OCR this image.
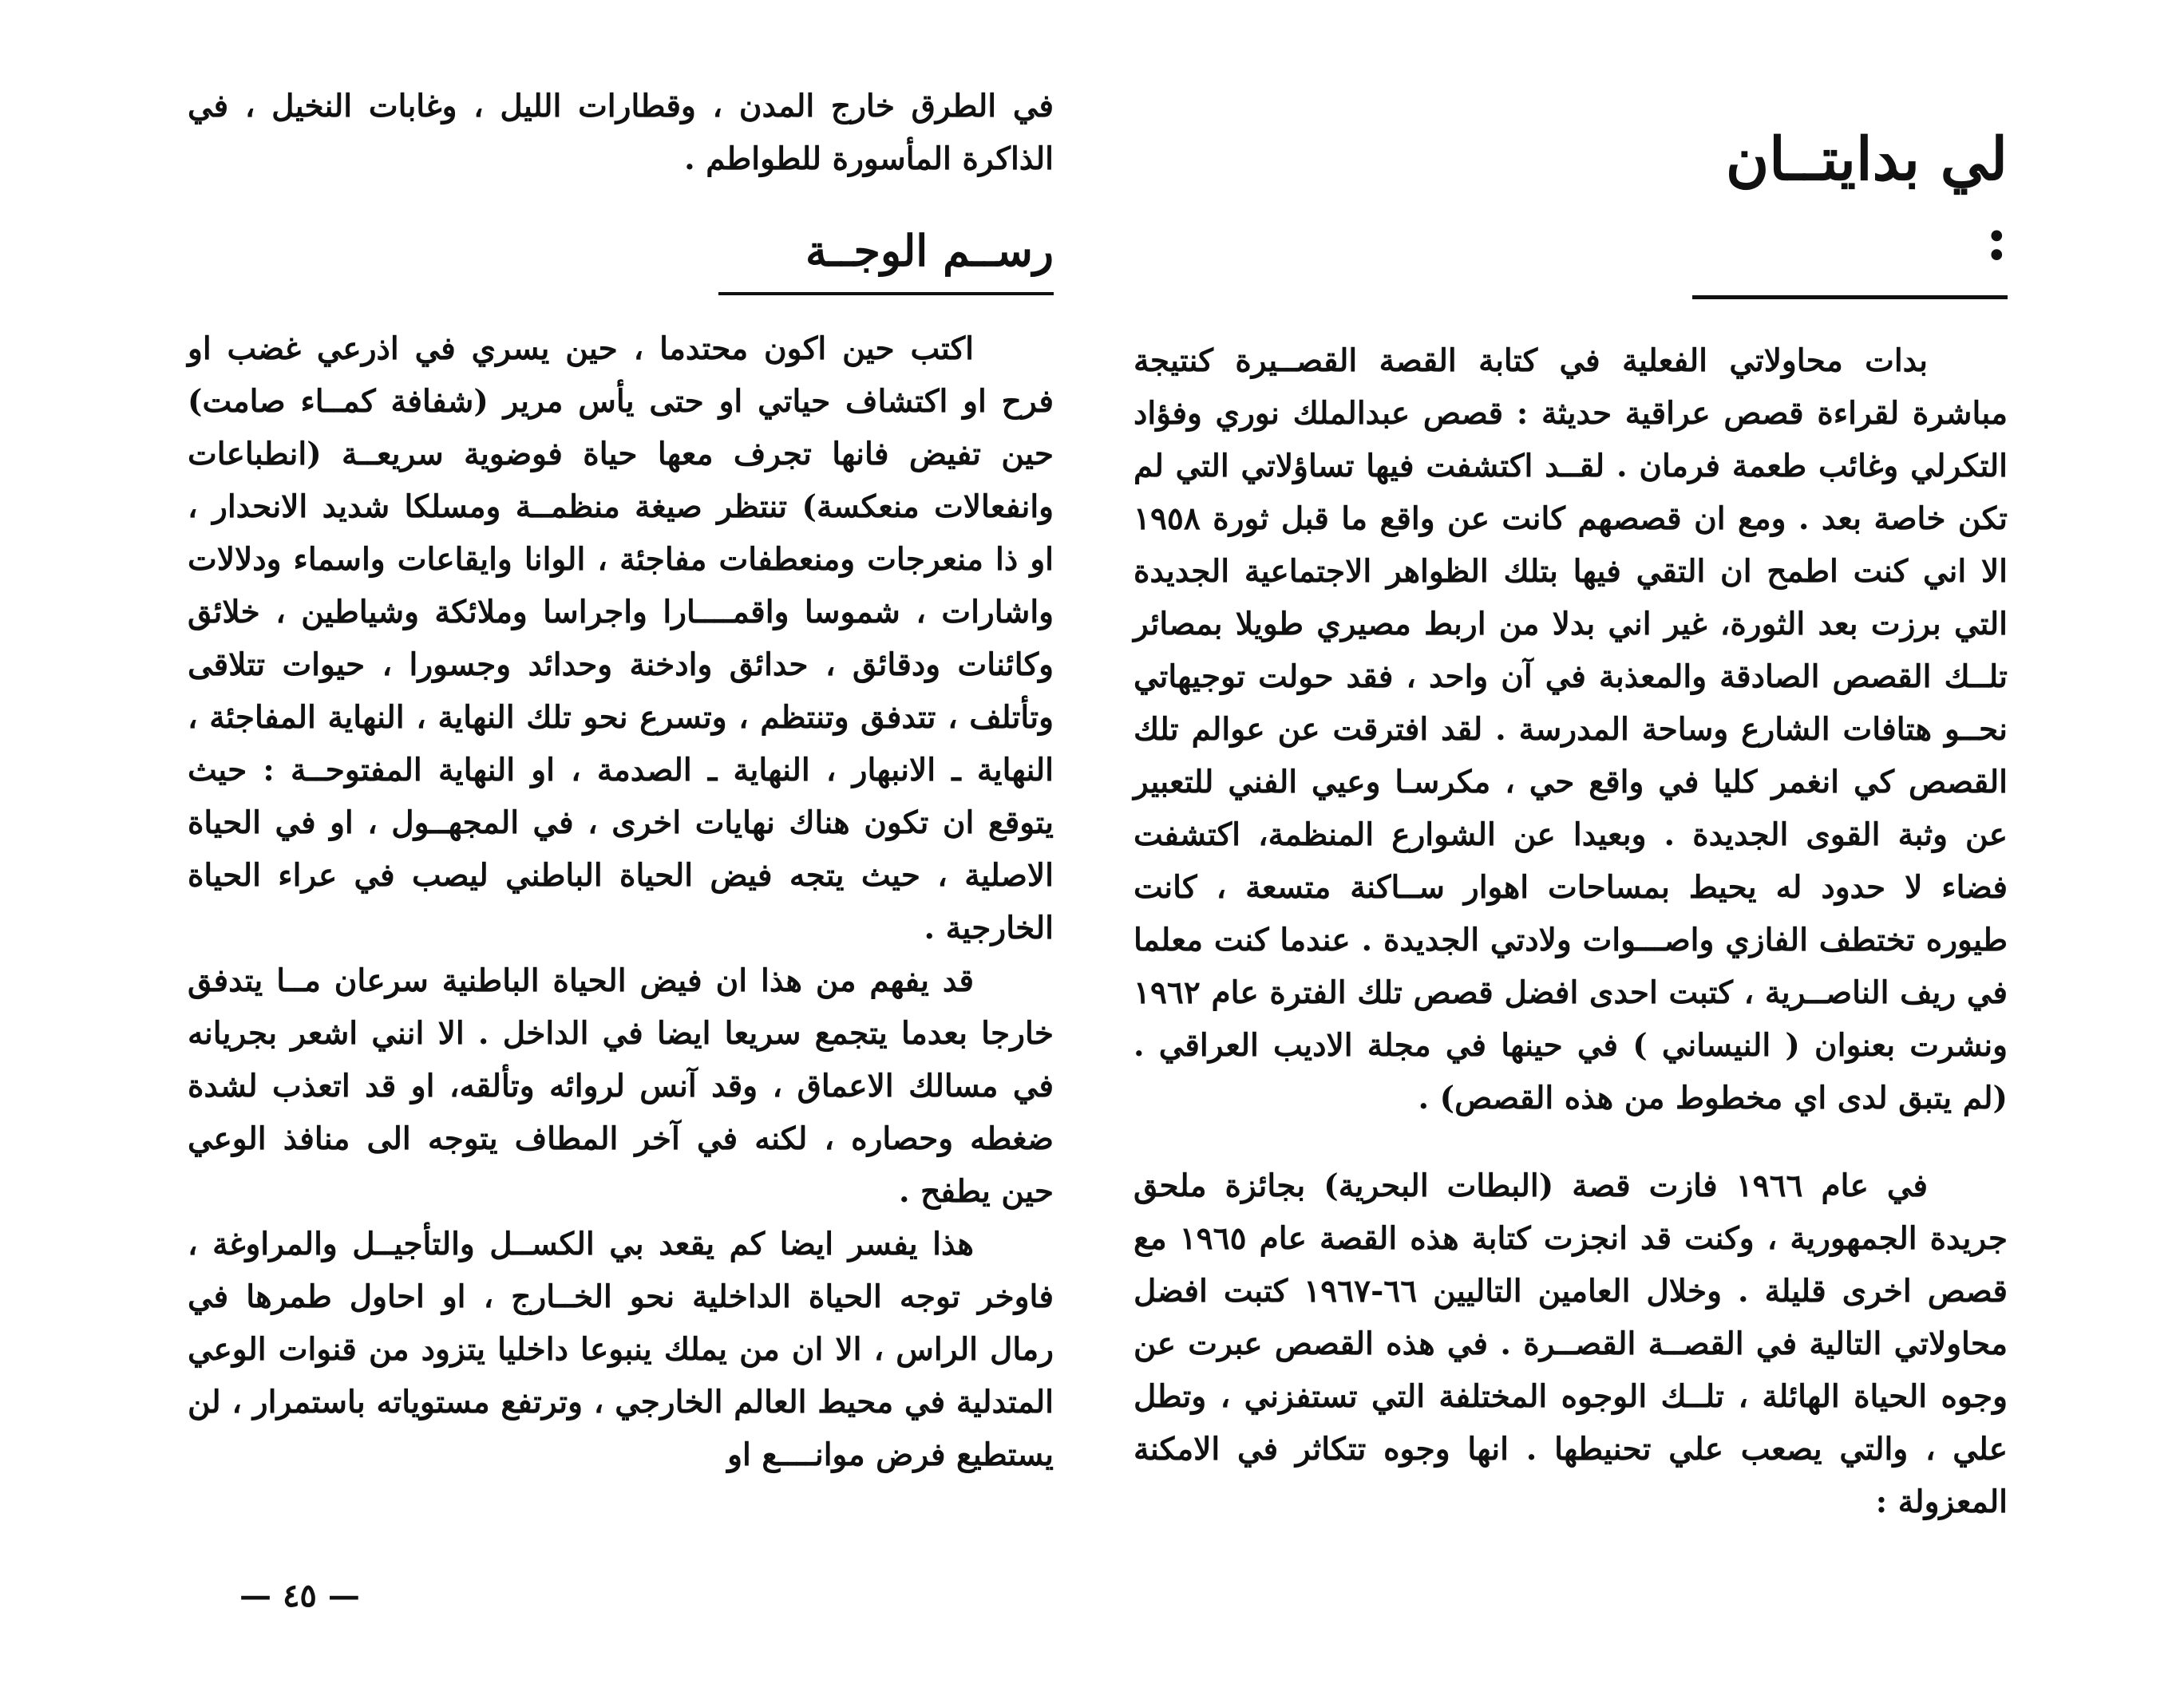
لي بدايتــان :

بدات محاولاتي الفعلية في كتابة القصة القصــيرة كنتيجة مباشرة لقراءة قصص عراقية حديثة : قصص عبدالملك نوري وفؤاد التكرلي وغائب طعمة فرمان . لقــد اكتشفت فيها تساؤلاتي التي لم تكن خاصة بعد . ومع ان قصصهم كانت عن واقع ما قبل ثورة ١٩٥٨ الا اني كنت اطمح ان التقي فيها بتلك الظواهر الاجتماعية الجديدة التي برزت بعد الثورة، غير اني بدلا من اربط مصيري طويلا بمصائر تلــك القصص الصادقة والمعذبة في آن واحد ، فقد حولت توجيهاتي نحــو هتافات الشارع وساحة المدرسة . لقد افترقت عن عوالم تلك القصص كي انغمر كليا في واقع حي ، مكرسـا وعيي الفني للتعبير عن وثبة القوى الجديدة . وبعيدا عن الشوارع المنظمة، اكتشفت فضاء لا حدود له يحيط بمساحات اهوار ســاكنة متسعة ، كانت طيوره تختطف الفازي واصـــوات ولادتي الجديدة . عندما كنت معلما في ريف الناصــرية ، كتبت احدى افضل قصص تلك الفترة عام ١٩٦٢ ونشرت بعنوان ( النيساني ) في حينها في مجلة الاديب العراقي . (لم يتبق لدى اي مخطوط من هذه القصص) .

في عام ١٩٦٦ فازت قصة (البطات البحرية) بجائزة ملحق جريدة الجمهورية ، وكنت قد انجزت كتابة هذه القصة عام ١٩٦٥ مع قصص اخرى قليلة . وخلال العامين التاليين ٦٦-١٩٦٧ كتبت افضل محاولاتي التالية في القصــة القصــرة . في هذه القصص عبرت عن وجوه الحياة الهائلة ، تلــك الوجوه المختلفة التي تستفزني ، وتطل علي ، والتي يصعب علي تحنيطها . انها وجوه تتكاثر في الامكنة المعزولة :

في الطرق خارج المدن ، وقطارات الليل ، وغابات النخيل ، في الذاكرة المأسورة للطواطم .

رســم الوجــة

اكتب حين اكون محتدما ، حين يسري في اذرعي غضب او فرح او اكتشاف حياتي او حتى يأس مرير (شفافة كمــاء صامت) حين تفيض فانها تجرف معها حياة فوضوية سريعــة (انطباعات وانفعالات منعكسة) تنتظر صيغة منظمــة ومسلكا شديد الانحدار ، او ذا منعرجات ومنعطفات مفاجئة ، الوانا وايقاعات واسماء ودلالات واشارات ، شموسا واقمــــارا واجراسا وملائكة وشياطين ، خلائق وكائنات ودقائق ، حدائق وادخنة وحدائد وجسورا ، حيوات تتلاقى وتأتلف ، تتدفق وتنتظم ، وتسرع نحو تلك النهاية ، النهاية المفاجئة ، النهاية ـ الانبهار ، النهاية ـ الصدمة ، او النهاية المفتوحــة : حيث يتوقع ان تكون هناك نهايات اخرى ، في المجهــول ، او في الحياة الاصلية ، حيث يتجه فيض الحياة الباطني ليصب في عراء الحياة الخارجية .

قد يفهم من هذا ان فيض الحياة الباطنية سرعان مــا يتدفق خارجا بعدما يتجمع سريعا ايضا في الداخل . الا انني اشعر بجريانه في مسالك الاعماق ، وقد آنس لروائه وتألقه، او قد اتعذب لشدة ضغطه وحصاره ، لكنه في آخر المطاف يتوجه الى منافذ الوعي حين يطفح .

هذا يفسر ايضا كم يقعد بي الكســل والتأجيــل والمراوغة ، فاوخر توجه الحياة الداخلية نحو الخــارج ، او احاول طمرها في رمال الراس ، الا ان من يملك ينبوعا داخليا يتزود من قنوات الوعي المتدلية في محيط العالم الخارجي ، وترتفع مستوياته باستمرار ، لن يستطيع فرض موانــــع او

— ٤٥ —
